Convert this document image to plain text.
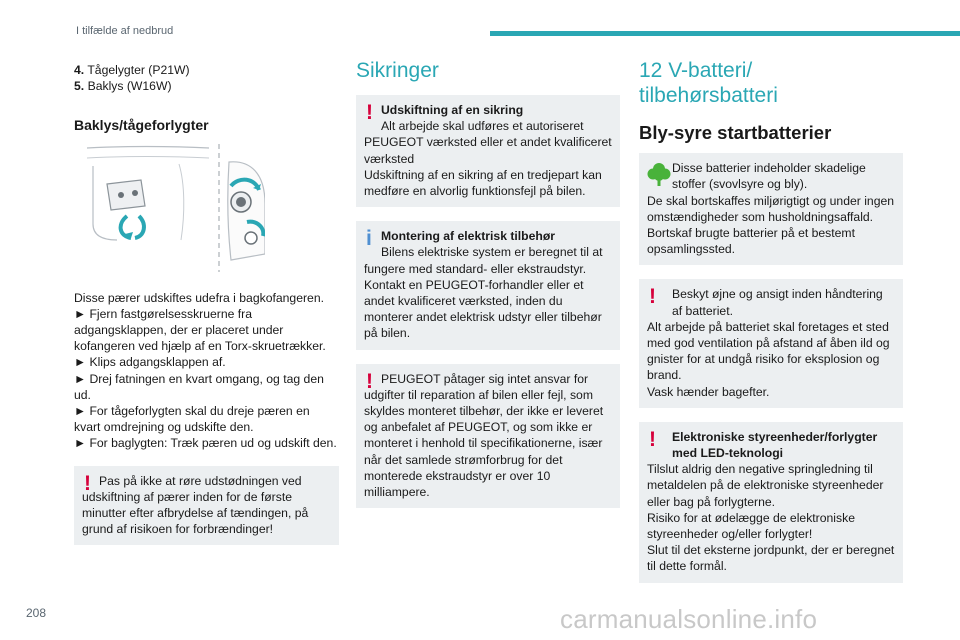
I tilfælde af nedbrud
4. Tågelygter (P21W)
5. Baklys (W16W)
Baklys/tågeforlygter

Disse pærer udskiftes udefra i bagkofangeren.

► Fjern fastgørelsesskruerne fra adgangsklappen, der er placeret under kofangeren ved hjælp af en Torx-skruetrækker.

► Klips adgangsklappen af.

► Drej fatningen en kvart omgang, og tag den ud.

► For tågeforlygten skal du dreje pæren en kvart omdrejning og udskifte den.

► For baglygten: Træk pæren ud og udskift den.

! Pas på ikke at røre udstødningen ved udskiftning af pærer inden for de første minutter efter afbrydelse af tændingen, på grund af risikoen for forbrændinger!

Sikringer
! Udskiftning af en sikring

Alt arbejde skal udføres et autoriseret PEUGEOT værksted eller et andet kvalificeret værksted

Udskiftning af en sikring af en tredjepart kan medføre en alvorlig funktionsfejl på bilen.

i Montering af elektrisk tilbehør

Bilens elektriske system er beregnet til at fungere med standard- eller ekstraudstyr.

Kontakt en PEUGEOT-forhandler eller et andet kvalificeret værksted, inden du monterer andet elektrisk udstyr eller tilbehør på bilen.

! PEUGEOT påtager sig intet ansvar for udgifter til reparation af bilen eller fejl, som skyldes monteret tilbehør, der ikke er leveret og anbefalet af PEUGEOT, og som ikke er monteret i henhold til specifikationerne, især når det samlede strømforbrug for det monterede ekstraudstyr er over 10 milliampere.

12 V-batteri/
tilbehørsbatteri
Bly-syre startbatterier

Disse batterier indeholder skadelige stoffer (svovlsyre og bly).

De skal bortskaffes miljørigtigt og under ingen omstændigheder som husholdningsaffald.

Bortskaf brugte batterier på et bestemt opsamlingssted.

!	Beskyt øjne og ansigt inden håndtering af batteriet.

Alt arbejde på batteriet skal foretages et sted med god ventilation på afstand af åben ild og gnister for at undgå risiko for eksplosion og brand.

Vask hænder bagefter.

!	Elektroniske styreenheder/forlygter med LED-teknologi

Tilslut aldrig den negative springledning til metaldelen på de elektroniske styreenheder eller bag på forlygterne.

Risiko for at ødelægge de elektroniske styreenheder og/eller forlygter!

Slut til det eksterne jordpunkt, der er beregnet til dette formål.

208	carmanualsonline.info
